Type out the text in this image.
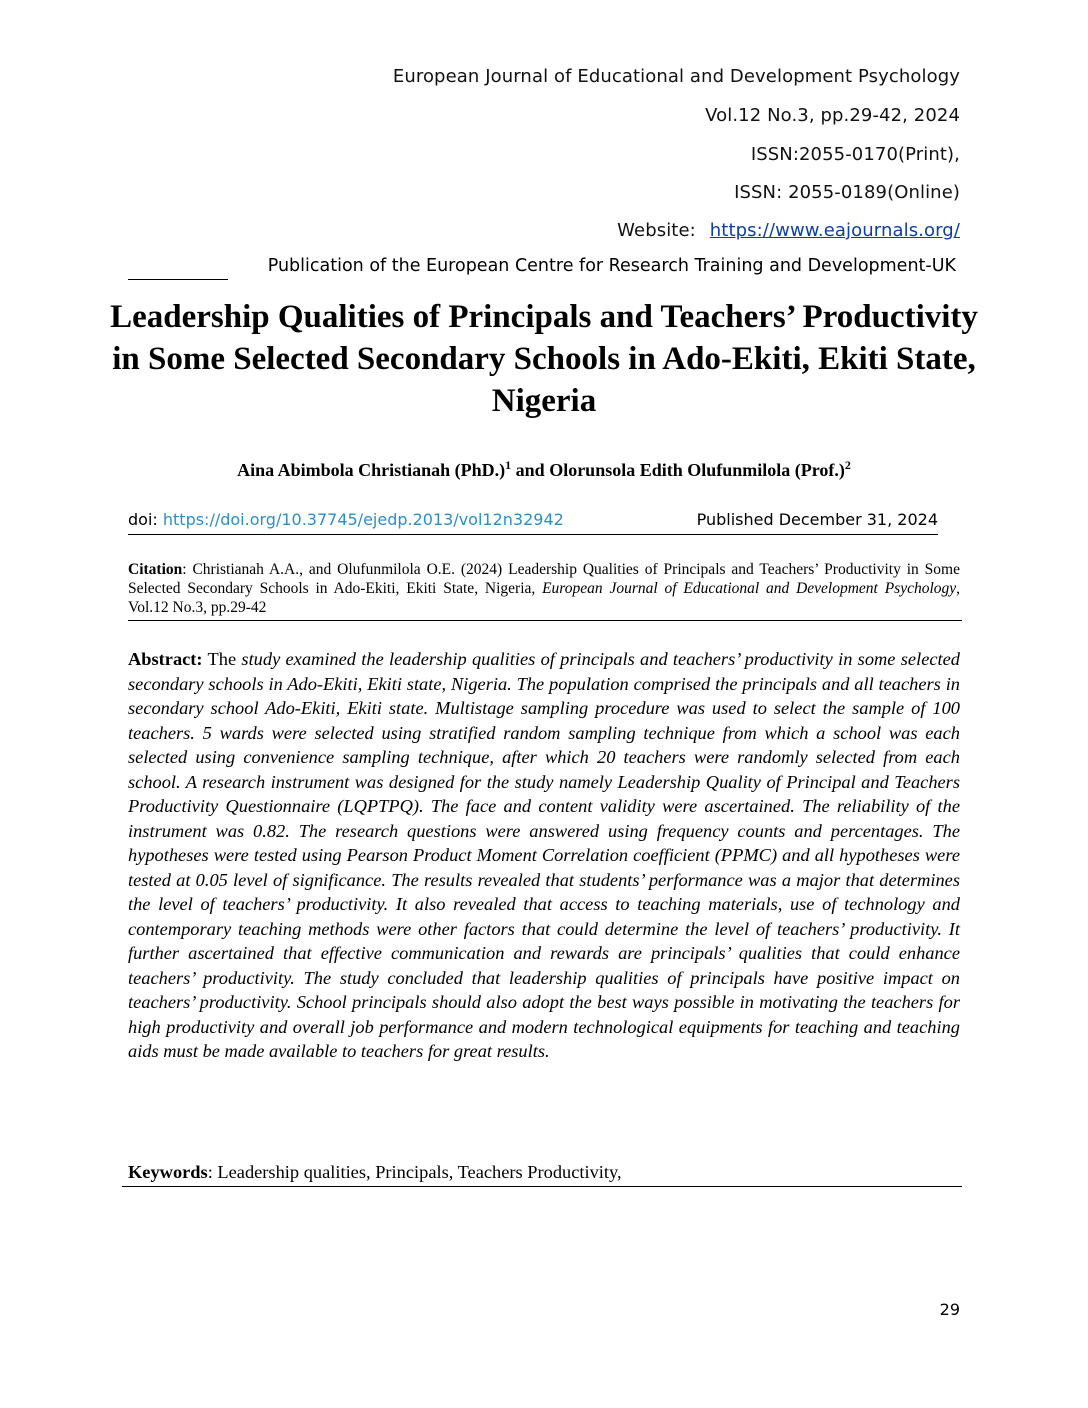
European Journal of Educational and Development Psychology
Vol.12 No.3, pp.29-42, 2024
ISSN:2055-0170(Print),
ISSN: 2055-0189(Online)
Website: https://www.eajournals.org/
Publication of the European Centre for Research Training and Development-UK
Leadership Qualities of Principals and Teachers’ Productivity in Some Selected Secondary Schools in Ado-Ekiti, Ekiti State, Nigeria
Aina Abimbola Christianah $(PhD.)^1$ and Olorunsola Edith Olufunmilola (Prof.)$^2$
doi: https://doi.org/10.37745/ejedp.2013/vol12n32942	Published December 31, 2024
Citation: Christianah A.A., and Olufunmilola O.E. (2024) Leadership Qualities of Principals and Teachers’ Productivity in Some Selected Secondary Schools in Ado-Ekiti, Ekiti State, Nigeria, European Journal of Educational and Development Psychology, Vol.12 No.3, pp.29-42
Abstract: The study examined the leadership qualities of principals and teachers’ productivity in some selected secondary schools in Ado-Ekiti, Ekiti state, Nigeria. The population comprised the principals and all teachers in secondary school Ado-Ekiti, Ekiti state. Multistage sampling procedure was used to select the sample of 100 teachers. 5 wards were selected using stratified random sampling technique from which a school was each selected using convenience sampling technique, after which 20 teachers were randomly selected from each school. A research instrument was designed for the study namely Leadership Quality of Principal and Teachers Productivity Questionnaire (LQPTPQ). The face and content validity were ascertained. The reliability of the instrument was 0.82. The research questions were answered using frequency counts and percentages. The hypotheses were tested using Pearson Product Moment Correlation coefficient (PPMC) and all hypotheses were tested at 0.05 level of significance. The results revealed that students’ performance was a major that determines the level of teachers’ productivity. It also revealed that access to teaching materials, use of technology and contemporary teaching methods were other factors that could determine the level of teachers’ productivity. It further ascertained that effective communication and rewards are principals’ qualities that could enhance teachers’ productivity. The study concluded that leadership qualities of principals have positive impact on teachers’ productivity. School principals should also adopt the best ways possible in motivating the teachers for high productivity and overall job performance and modern technological equipments for teaching and teaching aids must be made available to teachers for great results.
Keywords: Leadership qualities, Principals, Teachers Productivity,
29
